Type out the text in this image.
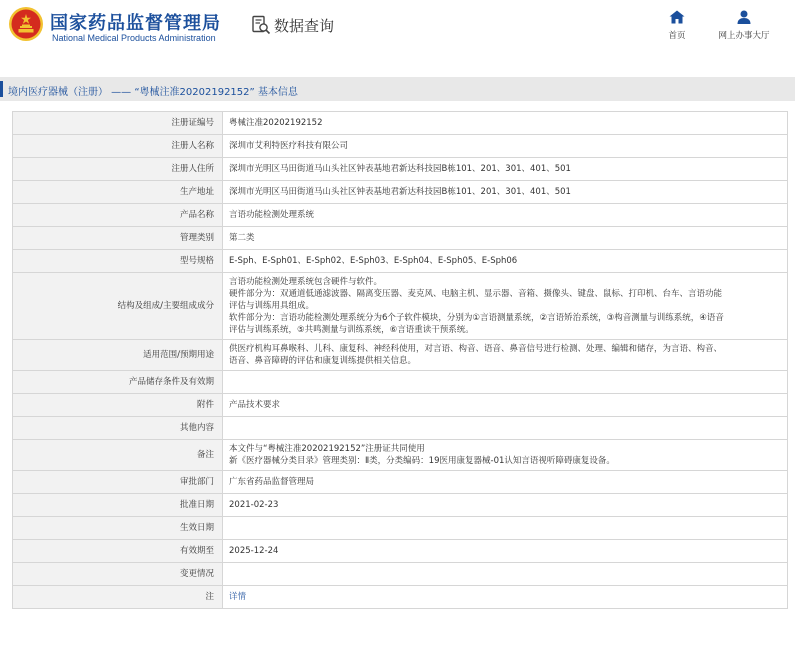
国家药品监督管理局
National Medical Products Administration
数据查询
首页	网上办事大厅
境内医疗器械（注册） —— “粤械注准20202192152” 基本信息
注册证编号	粤械注准20202192152
注册人名称	深圳市艾利特医疗科技有限公司
注册人住所	深圳市光明区马田街道马山头社区钟表基地君新达科技园B栋101、201、301、401、501
生产地址	深圳市光明区马田街道马山头社区钟表基地君新达科技园B栋101、201、301、401、501
产品名称	言语功能检测处理系统
管理类别	第二类
型号规格	E-Sph、E-Sph01、E-Sph02、E-Sph03、E-Sph04、E-Sph05、E-Sph06
结构及组成/主要组成成分	言语功能检测处理系统包含硬件与软件。
硬件部分为：双通道低通滤波器、隔离变压器、麦克风、电脑主机、显示器、音箱、摄像头、键盘、鼠标、打印机、台车、言语功能
评估与训练用具组成。
软件部分为：言语功能检测处理系统分为6个子软件模块，分别为①言语测量系统，②言语矫治系统，③构音测量与训练系统，④语音
评估与训练系统，⑤共鸣测量与训练系统，⑥言语重读干预系统。

适用范围/预期用途	供医疗机构耳鼻喉科、儿科、康复科、神经科使用，对言语、构音、语音、鼻音信号进行检测、处理、编辑和储存，为言语、构音、
语音、鼻音障碍的评估和康复训练提供相关信息。

产品储存条件及有效期	
附件	产品技术要求
其他内容	
备注	本文件与“粤械注准20202192152”注册证共同使用
新《医疗器械分类目录》管理类别：Ⅱ类，分类编码：19医用康复器械-01认知言语视听障碍康复设备。

审批部门	广东省药品监督管理局
批准日期	2021-02-23
生效日期	
有效期至	2025-12-24
变更情况	
注	详情
